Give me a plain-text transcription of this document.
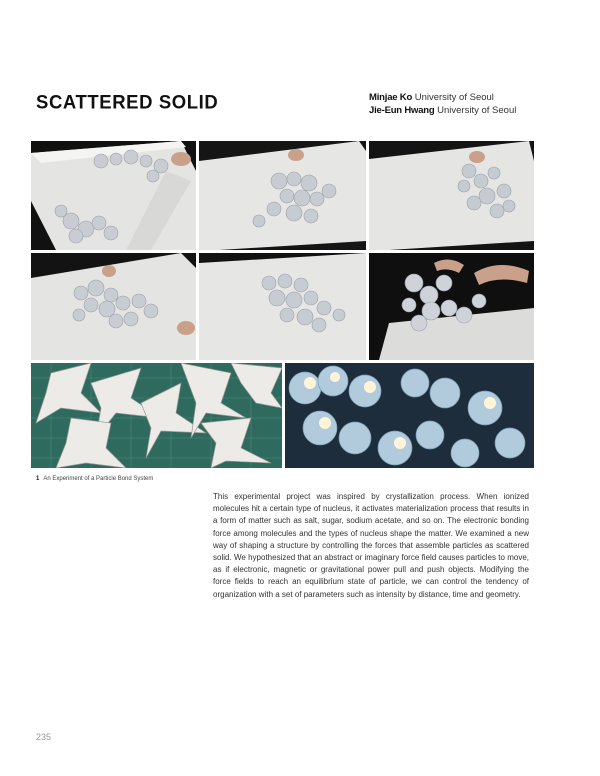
SCATTERED SOLID	Minjae Ko University of Seoul
Jie-Eun Hwang University of Seoul
1 An Experiment of a Particle Bond System

This experimental project was inspired by crystallization process. When ionized molecules hit a certain type of nucleus, it activates materialization process that results in a form of matter such as salt, sugar, sodium acetate, and so on. The electronic bonding force among molecules and the types of nucleus shape the matter. We examined a new way of shaping a structure by controlling the forces that assemble particles as scattered solid. We hypothesized that an abstract or imaginary force field causes particles to move, as if electronic, magnetic or gravitational power pull and push objects. Modifying the force fields to reach an equilibrium state of particle, we can control the tendency of organization with a set of parameters such as intensity by distance, time and geometry.

235
